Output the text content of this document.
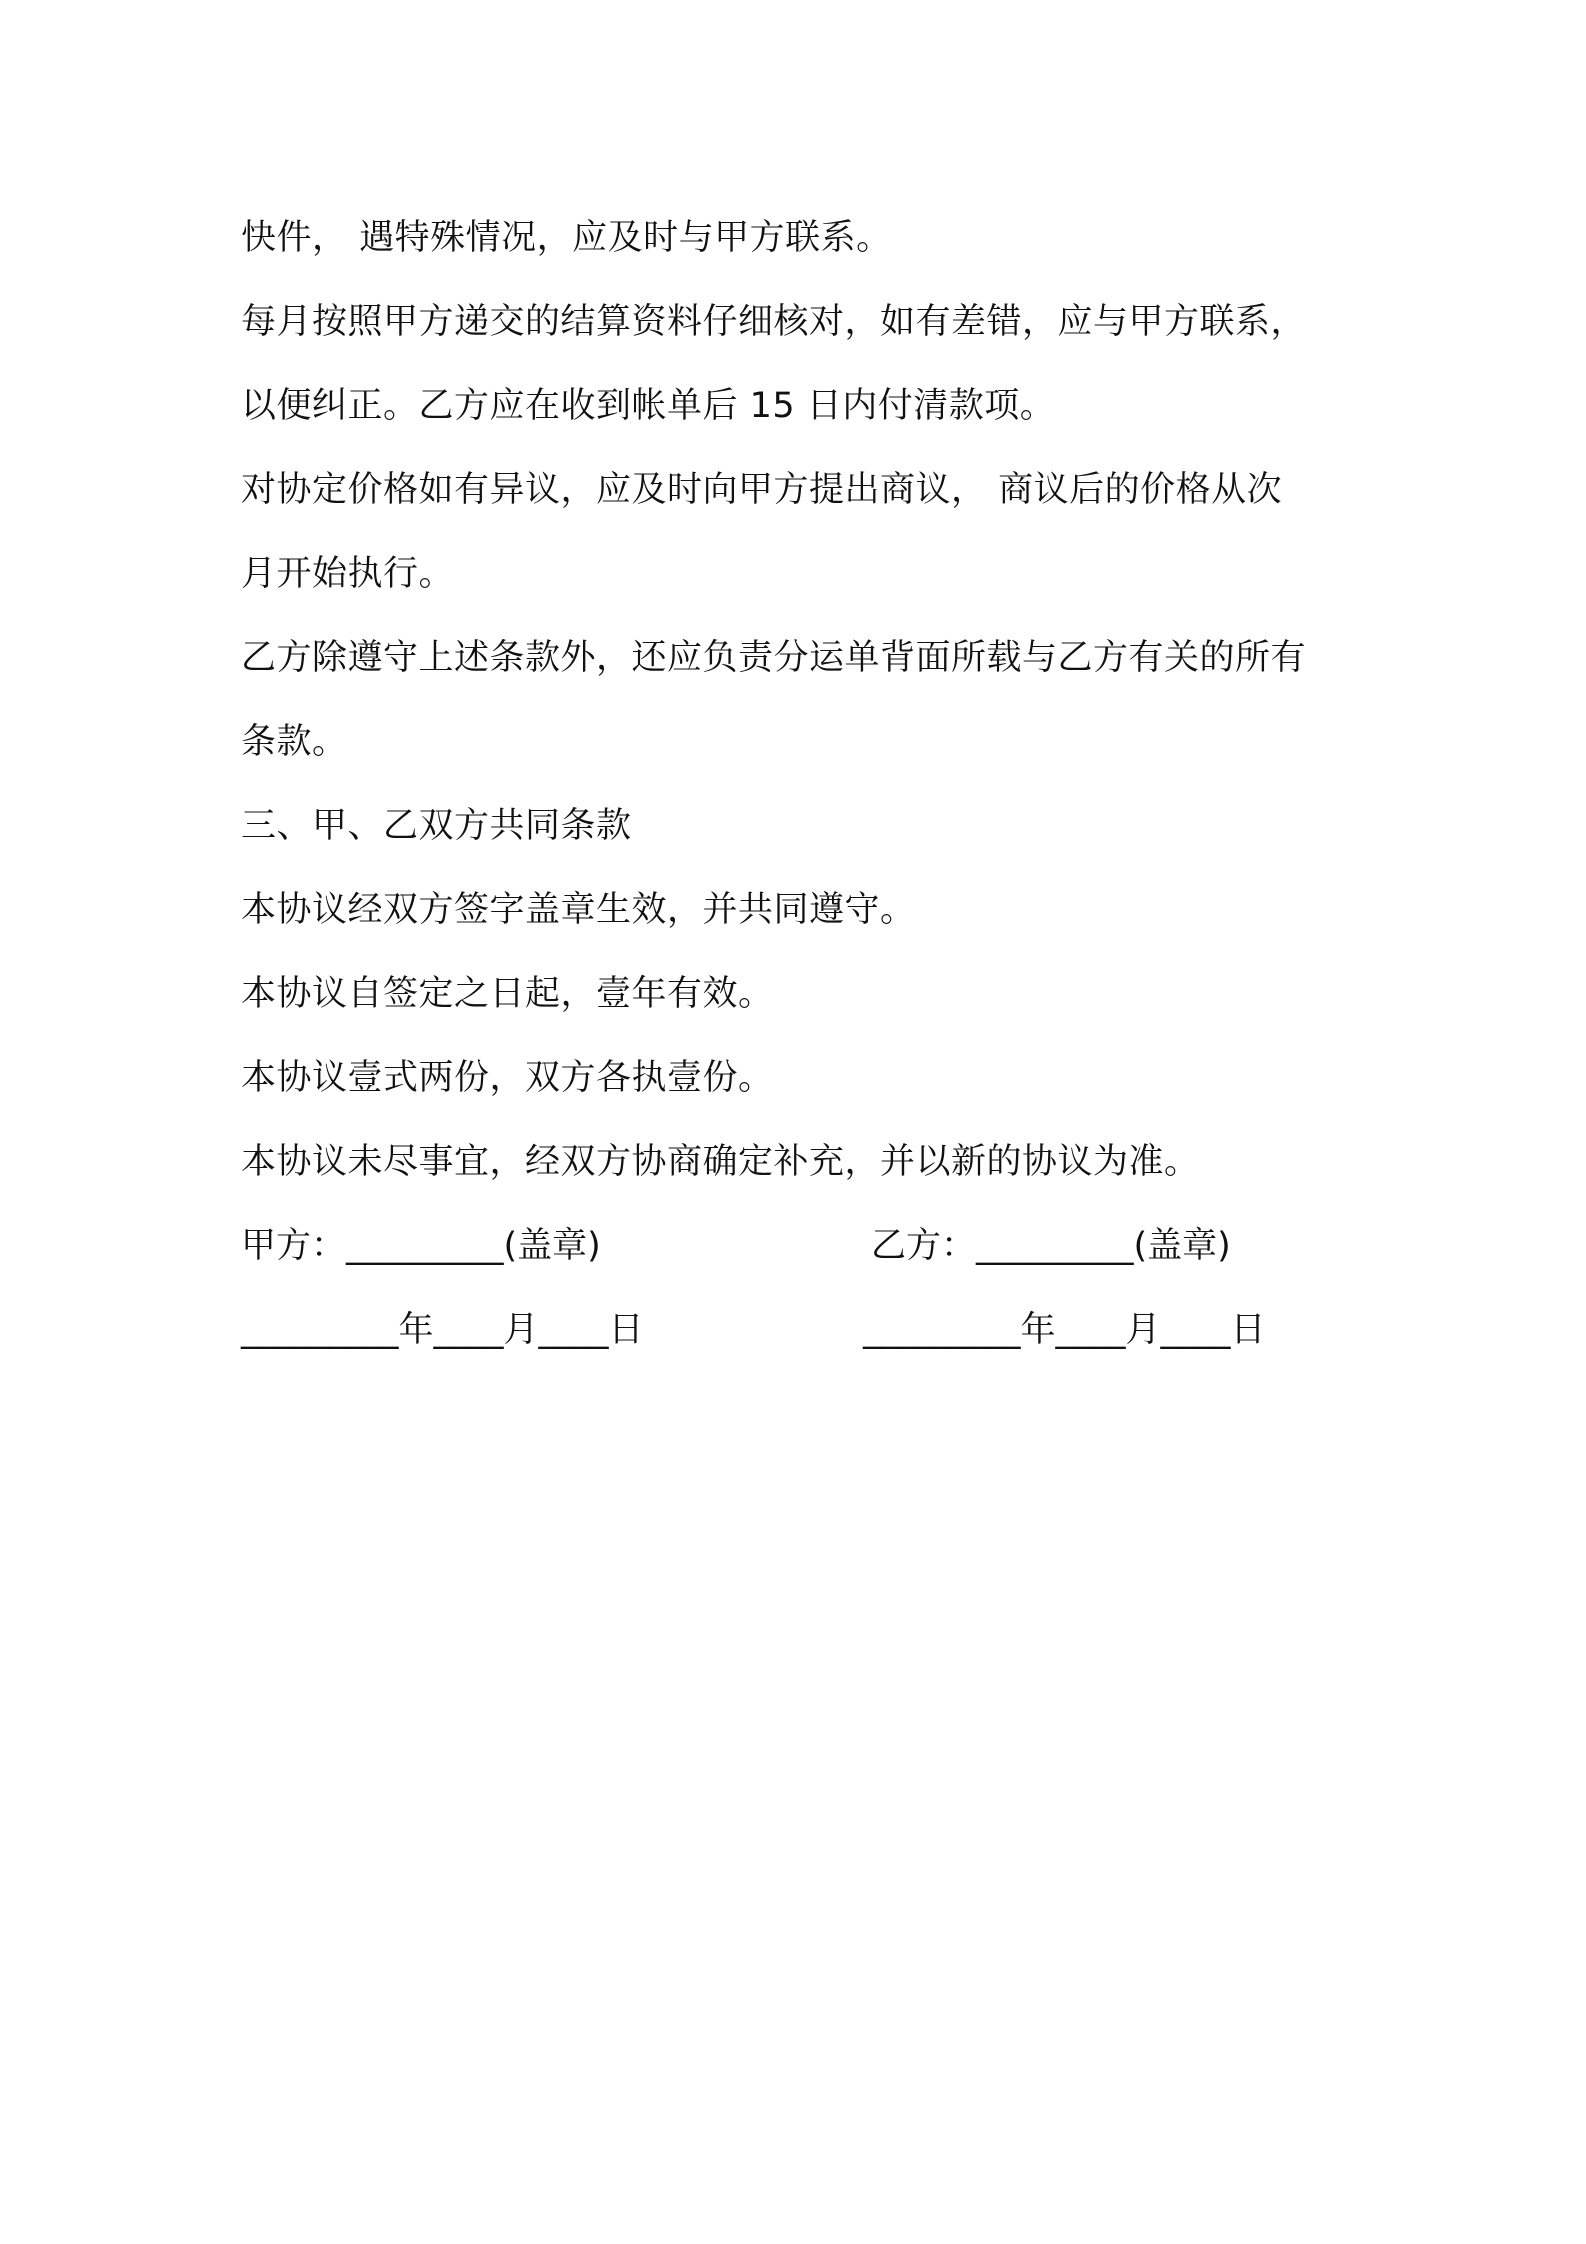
快件， 遇特殊情况，应及时与甲方联系。
每月按照甲方递交的结算资料仔细核对，如有差错，应与甲方联系，
以便纠正。乙方应在收到帐单后 15 日内付清款项。
对协定价格如有异议，应及时向甲方提出商议， 商议后的价格从次
月开始执行。
乙方除遵守上述条款外，还应负责分运单背面所载与乙方有关的所有
条款。
三、甲、乙双方共同条款
本协议经双方签字盖章生效，并共同遵守。
本协议自签定之日起，壹年有效。
本协议壹式两份，双方各执壹份。
本协议未尽事宜，经双方协商确定补充，并以新的协议为准。
甲方：_________(盖章)	乙方：_________(盖章)
_________年____月____日	_________年____月____日
